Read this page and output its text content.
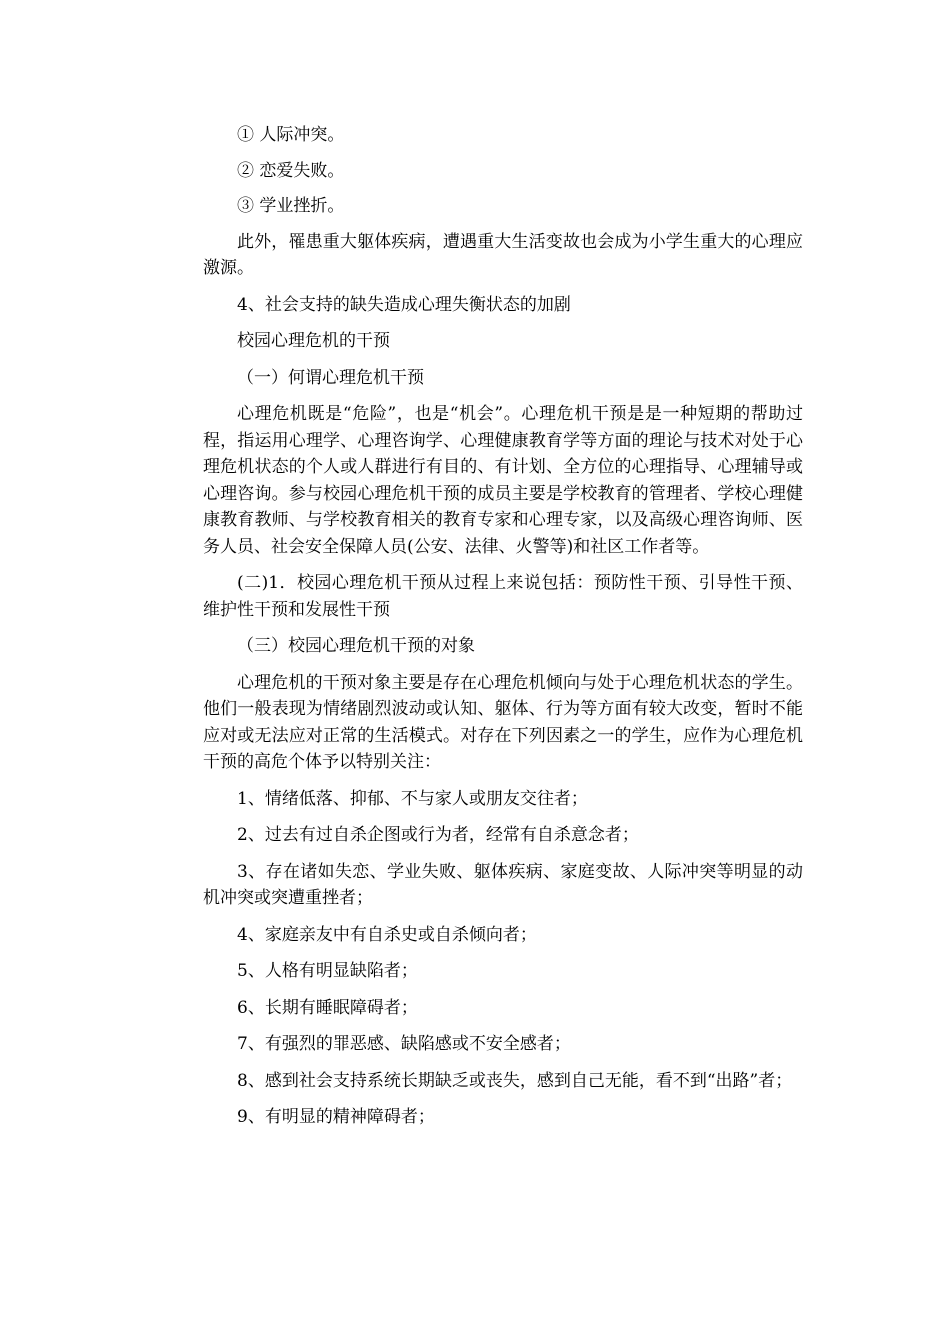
① 人际冲突。

② 恋爱失败。

③ 学业挫折。

此外，罹患重大躯体疾病，遭遇重大生活变故也会成为小学生重大的心理应激源。

4、社会支持的缺失造成心理失衡状态的加剧

校园心理危机的干预

（一）何谓心理危机干预

心理危机既是“危险”，也是“机会”。心理危机干预是是一种短期的帮助过程，指运用心理学、心理咨询学、心理健康教育学等方面的理论与技术对处于心理危机状态的个人或人群进行有目的、有计划、全方位的心理指导、心理辅导或心理咨询。参与校园心理危机干预的成员主要是学校教育的管理者、学校心理健康教育教师、与学校教育相关的教育专家和心理专家，以及高级心理咨询师、医务人员、社会安全保障人员(公安、法律、火警等)和社区工作者等。

(二)1．校园心理危机干预从过程上来说包括：预防性干预、引导性干预、维护性干预和发展性干预

（三）校园心理危机干预的对象

心理危机的干预对象主要是存在心理危机倾向与处于心理危机状态的学生。他们一般表现为情绪剧烈波动或认知、躯体、行为等方面有较大改变，暂时不能应对或无法应对正常的生活模式。对存在下列因素之一的学生，应作为心理危机干预的高危个体予以特别关注：

1、情绪低落、抑郁、不与家人或朋友交往者；

2、过去有过自杀企图或行为者，经常有自杀意念者；

3、存在诸如失恋、学业失败、躯体疾病、家庭变故、人际冲突等明显的动机冲突或突遭重挫者；

4、家庭亲友中有自杀史或自杀倾向者；

5、人格有明显缺陷者；

6、长期有睡眠障碍者；

7、有强烈的罪恶感、缺陷感或不安全感者；

8、感到社会支持系统长期缺乏或丧失，感到自己无能，看不到“出路”者；

9、有明显的精神障碍者；
